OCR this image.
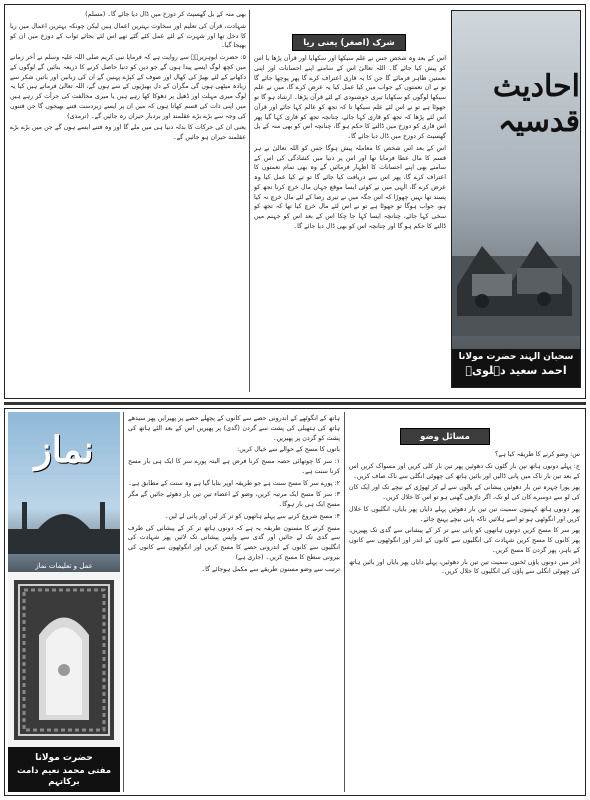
بھی منہ کے بل گھسیٹ کر دوزخ میں ڈال دیا جائے گا۔ (مسلم)

شہادت، قرآن کی تعلیم اور سخاوت بہترین اعمال ہیں لیکن چونکہ بہترین اعمال میں ریا کا دخل تھا اور شہرت کے لئے عمل کئے گئے تھے اس لئے بجائے ثواب کے دوزخ میں ان کو بھیجا گیا۔

۵: حضرت ابوہریرہؓ سے روایت ہے کہ فرمایا نبی کریم صلی اللہ علیہ وسلم نے آخر زمانے میں کچھ لوگ ایسے پیدا ہوں گے جو دین کو دنیا حاصل کرنے کا ذریعہ بنائیں گے لوگوں کے دکھانے کے لئے بھیڑ کی کھال اور صوف کے کپڑے پہنیں گے ان کی زبانیں اور باتیں شکر سے زیادہ میٹھی ہوں گی مگران کے دل بھیڑیوں کے سے ہوں گے، اللہ تعالیٰ فرماتے ہیں کیا یہ لوگ میری مہلت اور ڈھیل پر دھوکا کھا رہے ہیں یا میری مخالفت کی جرأت کر رہے ہیں میں اپنی ذات کی قسم کھاتا ہوں کہ میں ان پر ایسے زبردست فتنے بھیجوں گا جن فتنوں کی وجہ سے بڑے بڑے عقلمند اور بردبار حیران رہ جائیں گے۔ (ترمذی)

یعنی ان کی حرکات کا بدلہ دنیا ہی میں ملے گا اور وہ فتنے ایسے ہوں گے جن میں بڑے بڑے عقلمند حیران ہو جائیں گے۔

شرک (اصغر) یعنی ریا

اس کے بعد وہ شخص جس نے علم سیکھا اور سکھایا اور قرآن پڑھا یا اس کو پیش کیا جائے گا۔ اللہ تعالیٰ اس کے سامنے اپنے احسانات اور اپنی نعمتیں ظاہر فرمائے گا جن کا یہ قاری اعتراف کرے گا پھر پوچھا جائے گا تو نے ان نعمتوں کے جواب میں کیا عمل کیا یہ عرض کرے گا، میں نے علم سیکھا لوگوں کو سکھایا تیری خوشنودی کے لئے قرآن پڑھا۔ ارشاد ہو گا تو جھوٹا ہے تو نے اس لئے علم سیکھا تا کہ تجھ کو عالم کہا جائے اور قرآن اس لئے پڑھا کہ تجھ کو قاری کہا جائے، چنانچہ تجھ کو قاری کہا گیا پھر اس قاری کو دوزخ میں ڈالنے کا حکم ہو گا، چنانچہ اس کو بھی منہ کے بل گھسیٹ کر دوزخ میں ڈال دیا جائے گا۔

اس کے بعد اس شخص کا معاملہ پیش ہوگا جس کو اللہ تعالیٰ نے ہر قسم کا مال عطا فرمایا تھا اور اس پر دنیا میں کشادگی کی اس کے سامنے بھی اپنے احسانات کا اظہار فرمائیں گے وہ بھی تمام نعمتوں کا اعتراف کرے گا، پھر اس سے دریافت کیا جائے گا تو نے کیا عمل کیا وہ عرض کرے گا، الٰہی میں نے کوئی ایسا موقع جہاں مال خرچ کرنا تجھ کو پسند تھا نہیں چھوڑا کہ اس جگہ میں نے تیری رضا کے لئے مال خرچ نہ کیا ہو، جواب ہوگا تو جھوٹا ہے تو نے اس لئے مال خرچ کیا تھا کہ تجھ کو سخی کہا جائے، چنانچہ ایسا کہا جا چکا اس کے بعد اس کو جہنم میں ڈالنے کا حکم ہو گا اور چنانچہ اس کو بھی ڈال دیا جائے گا۔

احادیث قدسیہ
سحبان الہند حضرت مولانا
احمد سعید دہلویؒ
نماز
عمل و تعلیمات نماز
حضرت مولانا
مفتی محمد نعیم دامت برکاتہم

ہاتھ کے انگوٹھے کے اندرونی حصے سے کانوں کے پچھلے حصے پر پھیرایں پھر سیدھے ہاتھ کی ہتھیلی کی پشت سے گردن (گدی) پر پھیریں اس کے بعد الٹے ہاتھ کی پشت کو گردن پر پھیریں۔

باتوں کا مسح کے حوالے سے خیال کریں:

۱: سر کا چوتھائی حصہ مسح کرنا فرض ہے البتہ پورے سر کا ایک ہی بار مسح کرنا سنت ہے۔

۲: پورے سر کا مسح سنت ہے جو طریقہ اوپر بتایا گیا ہے وہ سنت کے مطابق ہے۔

۳: سر کا مسح ایک مرتبہ کریں، وضو کے اعضاء تین تین بار دھوئے جائیں گے مگر مسح ایک ہی بار ہوگا۔

۴: مسح شروع کرنے سے پہلے ہاتھوں کو تر کر لیں اور پانی لے لیں۔

مسح کرنے کا مسنون طریقہ یہ ہے کہ دونوں ہاتھ تر کر کے پیشانی کی طرف سے گدی تک لے جائیں اور گدی سے واپس پیشانی تک لائیں پھر شہادت کی انگلیوں سے کانوں کے اندرونی حصے کا مسح کریں اور انگوٹھوں سے کانوں کی بیرونی سطح کا مسح کریں۔ (جاری ہے)

ترتیب سے وضو مسنون طریقے سے مکمل ہوجائے گا۔

مسائل وضو

س: وضو کرنے کا طریقہ کیا ہے؟

ج: پہلے دونوں ہاتھ تین بار گٹوں تک دھوئیں پھر تین بار کلی کریں اور مسواک کریں اس کے بعد تین بار ناک میں پانی ڈالیں اور بائیں ہاتھ کی چھوٹی انگلی سے ناک صاف کریں۔

پھر پورا چہرہ تین بار دھوئیں پیشانی کے بالوں سے لے کر ٹھوڑی کے نیچے تک اور ایک کان کی لو سے دوسرے کان کی لو تک، اگر داڑھی گھنی ہو تو اس کا خلال کریں۔

پھر دونوں ہاتھ کہنیوں سمیت تین تین بار دھوئیں پہلے دایاں پھر بایاں، انگلیوں کا خلال کریں اور انگوٹھی ہو تو اسے ہلائیں تاکہ پانی نیچے پہنچ جائے۔

پھر سر کا مسح کریں دونوں ہاتھوں کو پانی سے تر کر کے پیشانی سے گدی تک پھیریں، پھر کانوں کا مسح کریں شہادت کی انگلیوں سے کانوں کے اندر اور انگوٹھوں سے کانوں کے باہر، پھر گردن کا مسح کریں۔

آخر میں دونوں پاؤں ٹخنوں سمیت تین تین بار دھوئیں، پہلے دایاں پھر بایاں اور بائیں ہاتھ کی چھوٹی انگلی سے پاؤں کی انگلیوں کا خلال کریں۔
